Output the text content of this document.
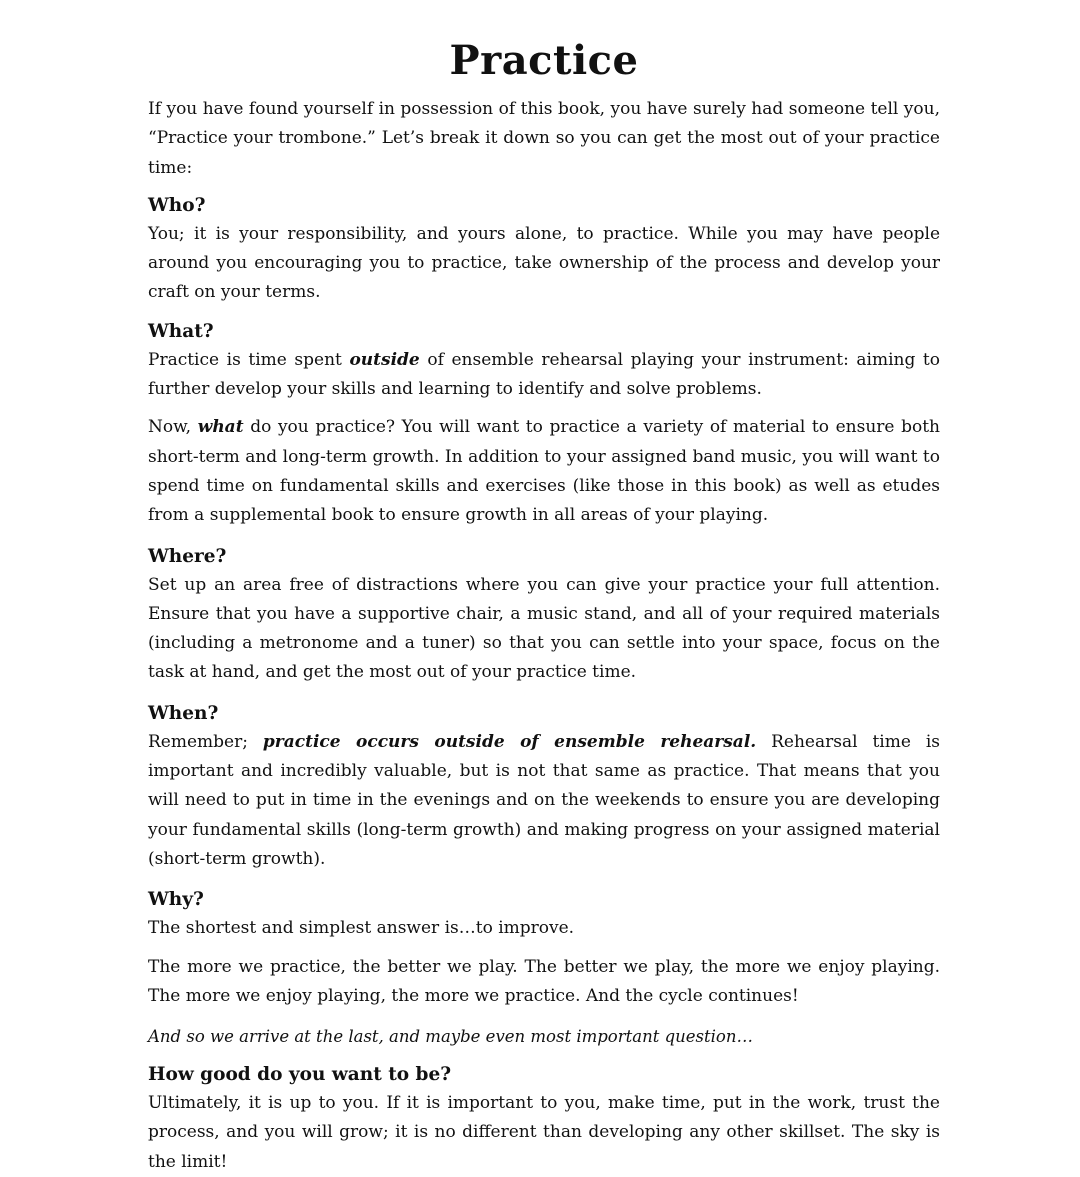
Practice

If you have found yourself in possession of this book, you have surely had someone tell you, “Practice your trombone.” Let’s break it down so you can get the most out of your practice time:

Who?

You; it is your responsibility, and yours alone, to practice. While you may have people around you encouraging you to practice, take ownership of the process and develop your craft on your terms.

What?

Practice is time spent outside of ensemble rehearsal playing your instrument: aiming to further develop your skills and learning to identify and solve problems.

Now, what do you practice? You will want to practice a variety of material to ensure both short-term and long-term growth. In addition to your assigned band music, you will want to spend time on fundamental skills and exercises (like those in this book) as well as etudes from a supplemental book to ensure growth in all areas of your playing.

Where?

Set up an area free of distractions where you can give your practice your full attention. Ensure that you have a supportive chair, a music stand, and all of your required materials (including a metronome and a tuner) so that you can settle into your space, focus on the task at hand, and get the most out of your practice time.

When?

Remember; practice occurs outside of ensemble rehearsal. Rehearsal time is important and incredibly valuable, but is not that same as practice. That means that you will need to put in time in the evenings and on the weekends to ensure you are developing your fundamental skills (long-term growth) and making progress on your assigned material (short-term growth).

Why?

The shortest and simplest answer is…to improve.

The more we practice, the better we play. The better we play, the more we enjoy playing. The more we enjoy playing, the more we practice. And the cycle continues!

And so we arrive at the last, and maybe even most important question…

How good do you want to be?

Ultimately, it is up to you. If it is important to you, make time, put in the work, trust the process, and you will grow; it is no different than developing any other skillset. The sky is the limit!
